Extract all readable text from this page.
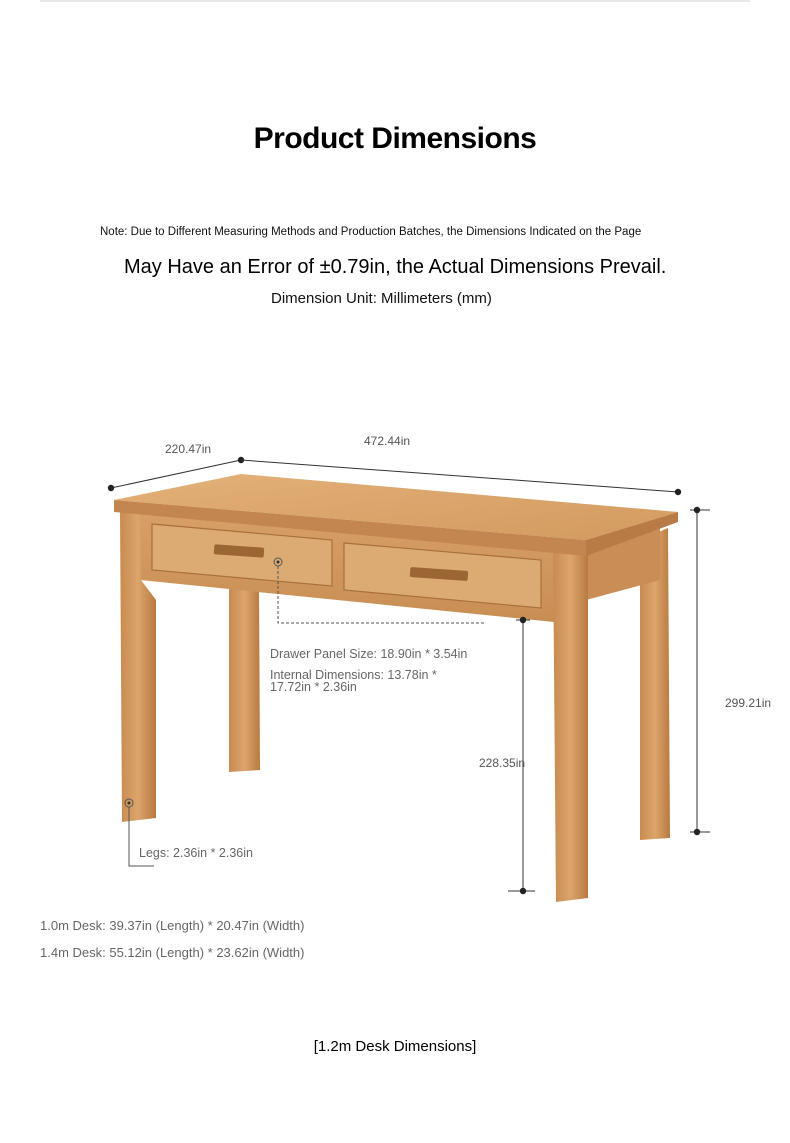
Product Dimensions
Note: Due to Different Measuring Methods and Production Batches, the Dimensions Indicated on the Page
May Have an Error of ±0.79in, the Actual Dimensions Prevail.
Dimension Unit: Millimeters (mm)
220.47in
472.44in
299.21in
228.35in
Drawer Panel Size: 18.90in * 3.54in
Internal Dimensions: 13.78in *
17.72in * 2.36in
Legs: 2.36in * 2.36in
1.0m Desk: 39.37in (Length) * 20.47in (Width)
1.4m Desk: 55.12in (Length) * 23.62in (Width)
[1.2m Desk Dimensions]
